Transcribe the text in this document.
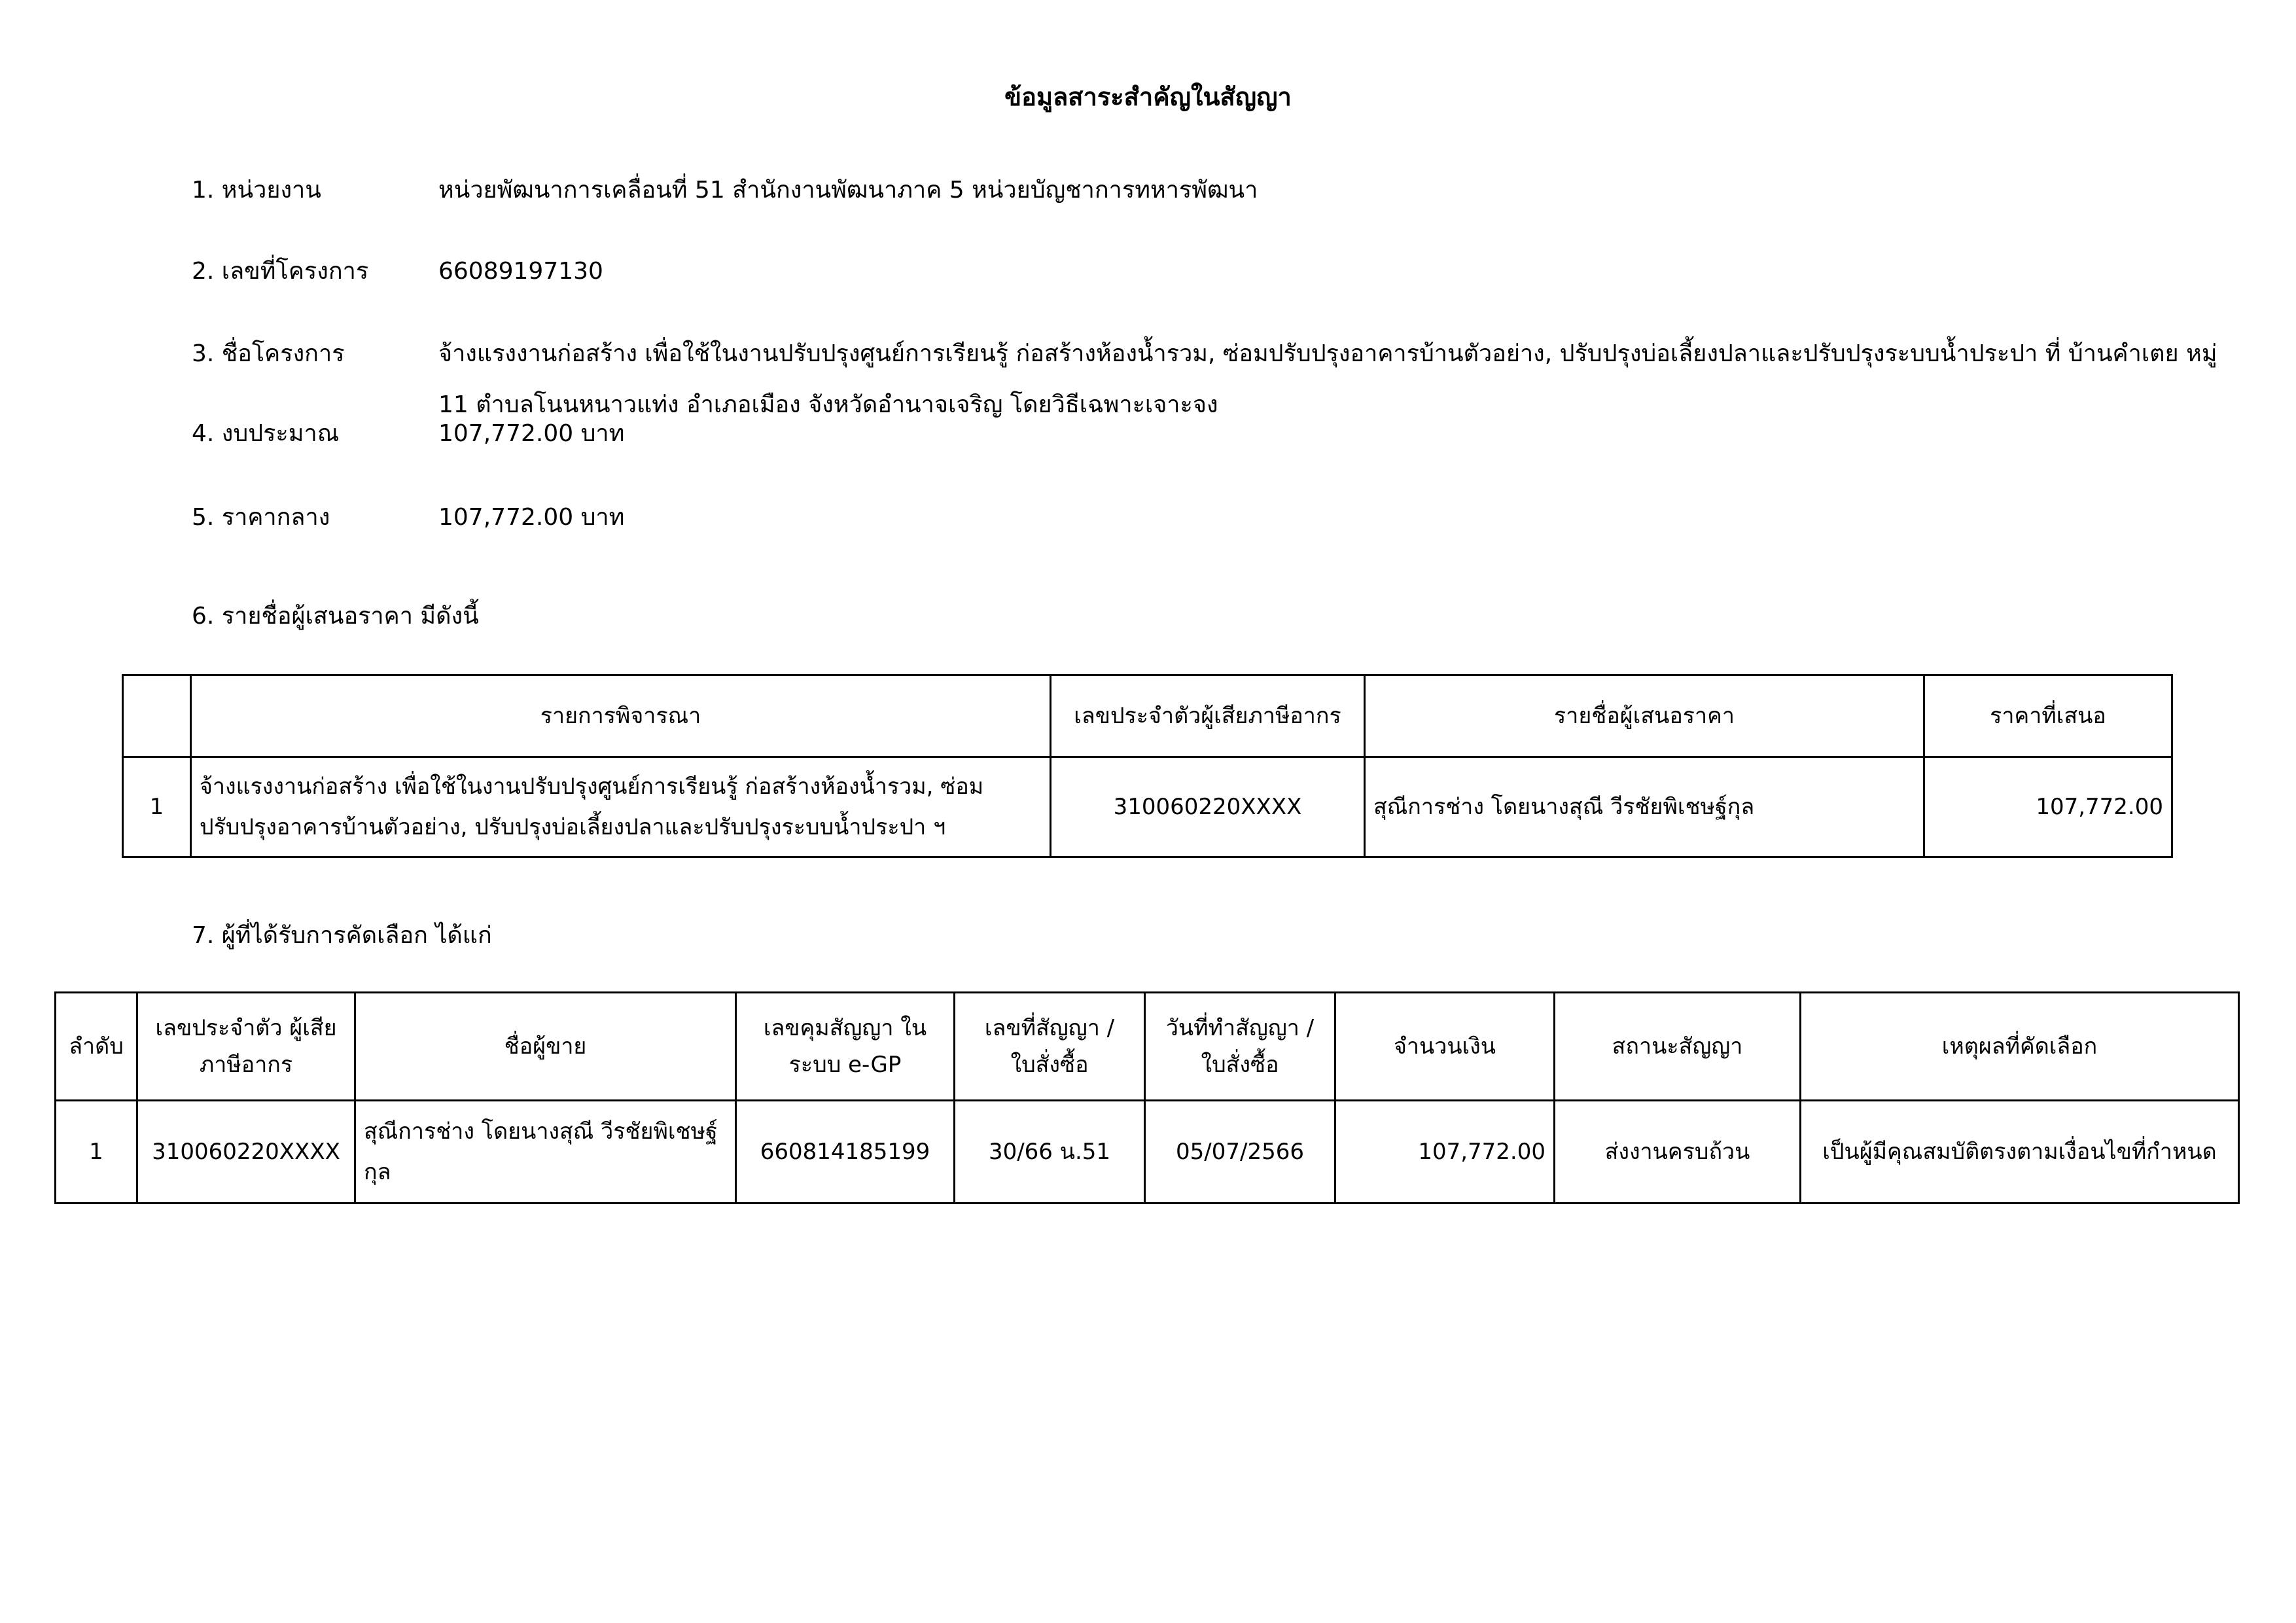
ข้อมูลสาระสำคัญในสัญญา
1. หน่วยงาน	หน่วยพัฒนาการเคลื่อนที่ 51 สำนักงานพัฒนาภาค 5 หน่วยบัญชาการทหารพัฒนา
2. เลขที่โครงการ	66089197130
3. ชื่อโครงการ	จ้างแรงงานก่อสร้าง เพื่อใช้ในงานปรับปรุงศูนย์การเรียนรู้ ก่อสร้างห้องน้ำรวม, ซ่อมปรับปรุงอาคารบ้านตัวอย่าง, ปรับปรุงบ่อเลี้ยงปลาและปรับปรุงระบบน้ำประปา ที่ บ้านคำเตย หมู่ 11 ตำบลโนนหนาวแท่ง อำเภอเมือง จังหวัดอำนาจเจริญ โดยวิธีเฉพาะเจาะจง
4. งบประมาณ	107,772.00 บาท
5. ราคากลาง	107,772.00 บาท
6. รายชื่อผู้เสนอราคา มีดังนี้
	รายการพิจารณา	เลขประจำตัวผู้เสียภาษีอากร	รายชื่อผู้เสนอราคา	ราคาที่เสนอ
1	จ้างแรงงานก่อสร้าง เพื่อใช้ในงานปรับปรุงศูนย์การเรียนรู้ ก่อสร้างห้องน้ำรวม, ซ่อมปรับปรุงอาคารบ้านตัวอย่าง, ปรับปรุงบ่อเลี้ยงปลาและปรับปรุงระบบน้ำประปา ฯ	310060220XXXX	สุณีการช่าง โดยนางสุณี วีรชัยพิเชษฐ์กุล	107,772.00
7. ผู้ที่ได้รับการคัดเลือก ได้แก่
ลำดับ	เลขประจำตัว ผู้เสียภาษีอากร	ชื่อผู้ขาย	เลขคุมสัญญา ในระบบ e-GP	เลขที่สัญญา / ใบสั่งซื้อ	วันที่ทำสัญญา / ใบสั่งซื้อ	จำนวนเงิน	สถานะสัญญา	เหตุผลที่คัดเลือก
1	310060220XXXX	สุณีการช่าง โดยนางสุณี วีรชัยพิเชษฐ์กุล	660814185199	30/66 น.51	05/07/2566	107,772.00	ส่งงานครบถ้วน	เป็นผู้มีคุณสมบัติตรงตามเงื่อนไขที่กำหนด
